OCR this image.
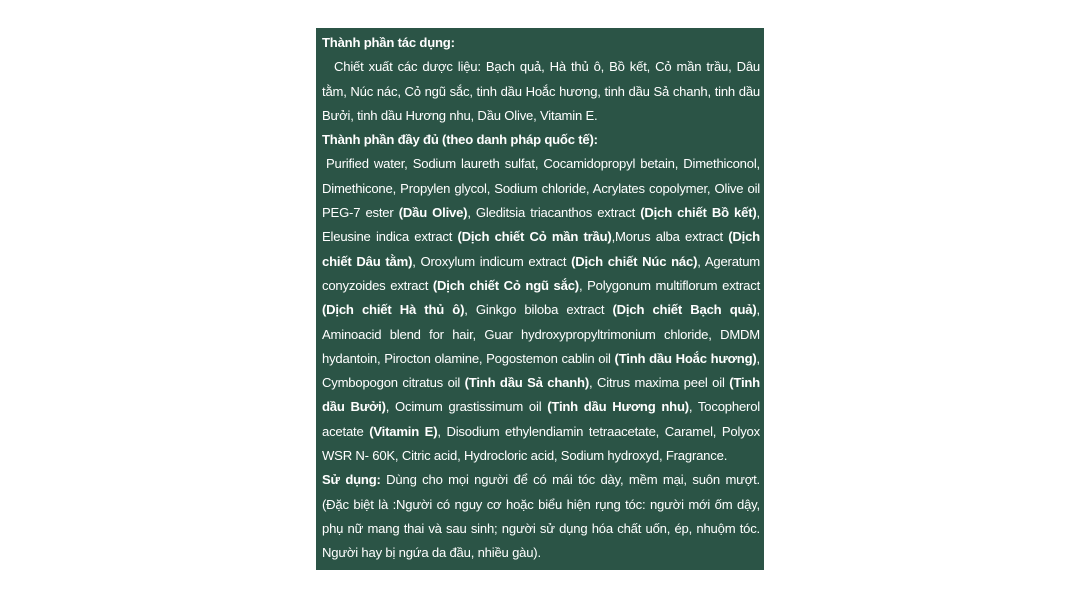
Thành phần tác dụng:

Chiết xuất các dược liệu: Bạch quả, Hà thủ ô, Bồ kết, Cỏ mần trầu, Dâu tằm, Núc nác, Cỏ ngũ sắc, tinh dầu Hoắc hương, tinh dầu Sả chanh, tinh dầu Bưởi, tinh dầu Hương nhu, Dầu Olive, Vitamin E.

Thành phần đầy đủ (theo danh pháp quốc tế):

Purified water, Sodium laureth sulfat, Cocamidopropyl betain, Dimethiconol, Dimethicone, Propylen glycol, Sodium chloride, Acrylates copolymer, Olive oil PEG-7 ester (Dầu Olive), Gleditsia triacanthos extract (Dịch chiết Bồ kết), Eleusine indica extract (Dịch chiết Cỏ mần trầu),Morus alba extract (Dịch chiết Dâu tằm), Oroxylum indicum extract (Dịch chiết Núc nác), Ageratum conyzoides extract (Dịch chiết Cỏ ngũ sắc), Polygonum multiflorum extract (Dịch chiết Hà thủ ô), Ginkgo biloba extract (Dịch chiết Bạch quả), Aminoacid blend for hair, Guar hydroxypropyltrimonium chloride, DMDM hydantoin, Pirocton olamine, Pogostemon cablin oil (Tinh dầu Hoắc hương), Cymbopogon citratus oil (Tinh dầu Sả chanh), Citrus maxima peel oil (Tinh dầu Bưởi), Ocimum grastissimum oil (Tinh dầu Hương nhu), Tocopherol acetate (Vitamin E), Disodium ethylendiamin tetraacetate, Caramel, Polyox WSR N- 60K, Citric acid, Hydrocloric acid, Sodium hydroxyd, Fragrance.

Sử dụng: Dùng cho mọi người để có mái tóc dày, mềm mại, suôn mượt. (Đặc biệt là :Người có nguy cơ hoặc biểu hiện rụng tóc: người mới ốm dậy, phụ nữ mang thai và sau sinh; người sử dụng hóa chất uốn, ép, nhuộm tóc. Người hay bị ngứa da đầu, nhiều gàu).
